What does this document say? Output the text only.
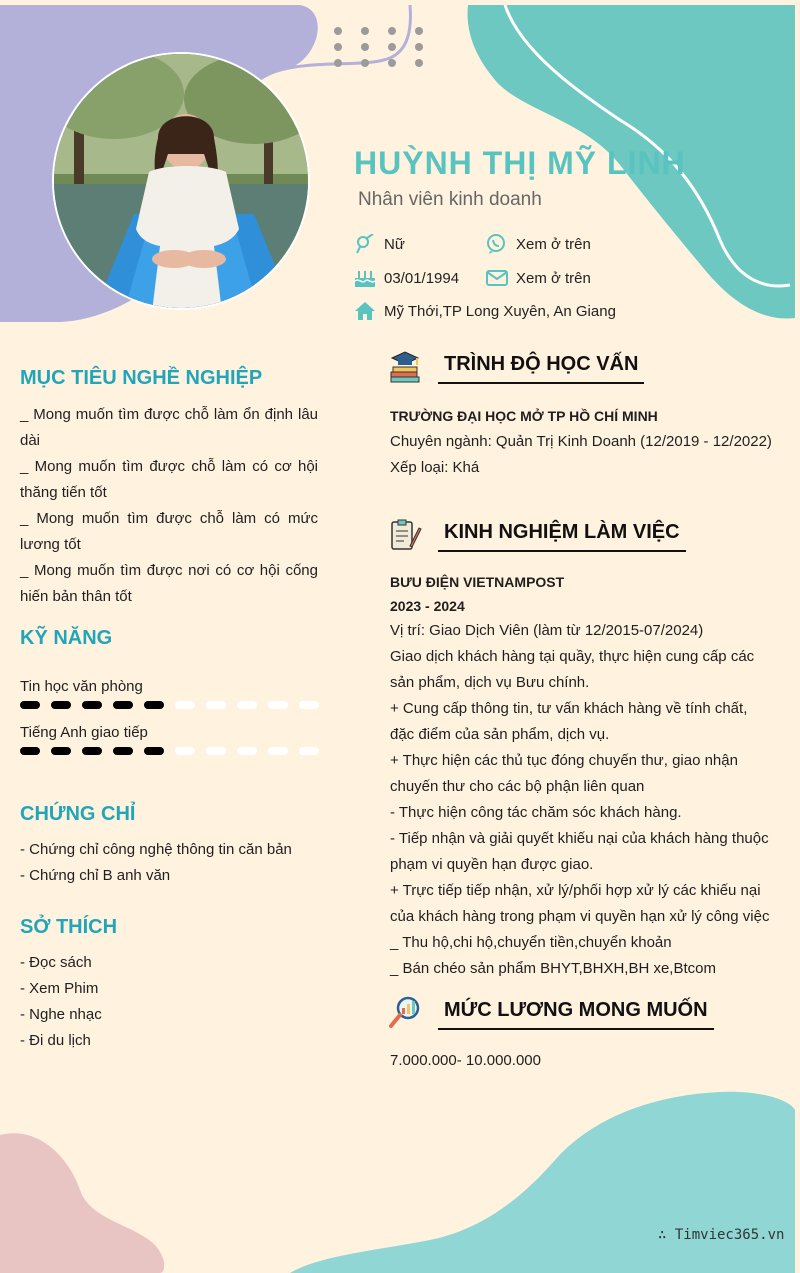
HUỲNH THỊ MỸ LINH
Nhân viên kinh doanh
Nữ	Xem ở trên
03/01/1994	Xem ở trên
Mỹ Thới,TP Long Xuyên, An Giang
MỤC TIÊU NGHỀ NGHIỆP
_ Mong muốn tìm được chỗ làm ổn định lâu dài
_ Mong muốn tìm được chỗ làm có cơ hội thăng tiến tốt
_ Mong muốn tìm được chỗ làm có mức lương tốt
_ Mong muốn tìm được nơi có cơ hội cống hiến bản thân tốt
KỸ NĂNG
Tin học văn phòng
Tiếng Anh giao tiếp
CHỨNG CHỈ
- Chứng chỉ công nghệ thông tin căn bản
- Chứng chỉ B anh văn
SỞ THÍCH
- Đọc sách
- Xem Phim
- Nghe nhạc
- Đi du lịch
TRÌNH ĐỘ HỌC VẤN
TRƯỜNG ĐẠI HỌC MỞ TP HỒ CHÍ MINH
Chuyên ngành: Quản Trị Kinh Doanh (12/2019 - 12/2022)
Xếp loại: Khá
KINH NGHIỆM LÀM VIỆC
BƯU ĐIỆN VIETNAMPOST
2023 - 2024
Vị trí: Giao Dịch Viên (làm từ 12/2015-07/2024)
Giao dịch khách hàng tại quầy, thực hiện cung cấp các sản phẩm, dịch vụ Bưu chính.
+ Cung cấp thông tin, tư vấn khách hàng về tính chất, đặc điểm của sản phẩm, dịch vụ.
+ Thực hiện các thủ tục đóng chuyến thư, giao nhận chuyến thư cho các bộ phận liên quan
- Thực hiện công tác chăm sóc khách hàng.
- Tiếp nhận và giải quyết khiếu nại của khách hàng thuộc phạm vi quyền hạn được giao.
+ Trực tiếp tiếp nhận, xử lý/phối hợp xử lý các khiếu nại của khách hàng trong phạm vi quyền hạn xử lý công việc
_ Thu hộ,chi hộ,chuyển tiền,chuyển khoản
_ Bán chéo sản phẩm BHYT,BHXH,BH xe,Btcom
MỨC LƯƠNG MONG MUỐN
7.000.000- 10.000.000
∴ Timviec365.vn
